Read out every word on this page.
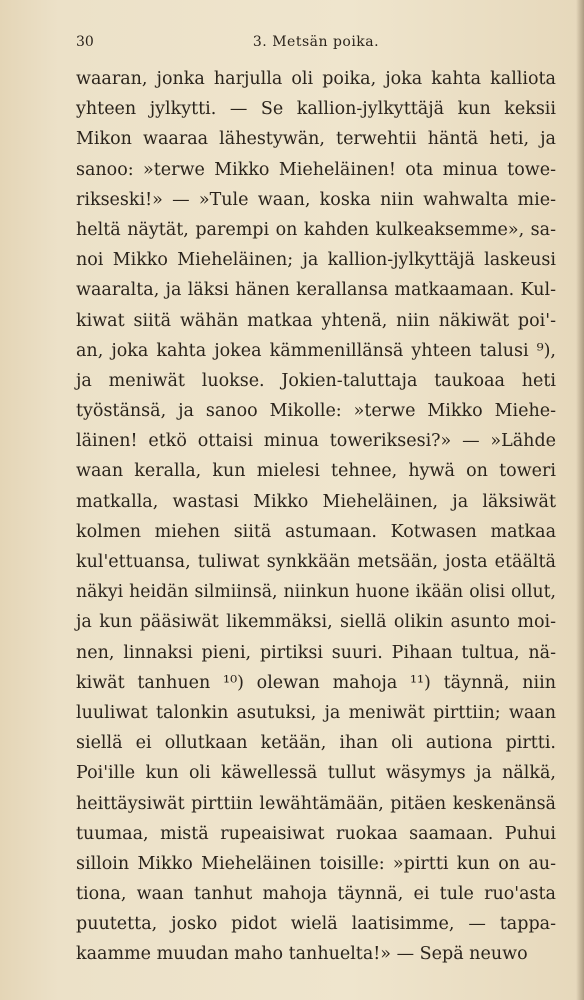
30	3. Metsän poika.
waaran, jonka harjulla oli poika, joka kahta kalliota
yhteen jylkytti. — Se kallion-jylkyttäjä kun keksii
Mikon waaraa lähestywän, terwehtii häntä heti, ja
sanoo: »terwe Mikko Mieheläinen! ota minua towe-
rikseski!» — »Tule waan, koska niin wahwalta mie-
heltä näytät, parempi on kahden kulkeaksemme», sa-
noi Mikko Mieheläinen; ja kallion-jylkyttäjä laskeusi
waaralta, ja läksi hänen kerallansa matkaamaan. Kul-
kiwat siitä wähän matkaa yhtenä, niin näkiwät poi'-
an, joka kahta jokea kämmenillänsä yhteen talusi ⁹),
ja meniwät luokse. Jokien-taluttaja taukoaa heti
työstänsä, ja sanoo Mikolle: »terwe Mikko Miehe-
läinen! etkö ottaisi minua toweriksesi?» — »Lähde
waan keralla, kun mielesi tehnee, hywä on toweri
matkalla, wastasi Mikko Mieheläinen, ja läksiwät
kolmen miehen siitä astumaan. Kotwasen matkaa
kul'ettuansa, tuliwat synkkään metsään, josta etäältä
näkyi heidän silmiinsä, niinkun huone ikään olisi ollut,
ja kun pääsiwät likemmäksi, siellä olikin asunto moi-
nen, linnaksi pieni, pirtiksi suuri. Pihaan tultua, nä-
kiwät tanhuen ¹⁰) olewan mahoja ¹¹) täynnä, niin
luuliwat talonkin asutuksi, ja meniwät pirttiin; waan
siellä ei ollutkaan ketään, ihan oli autiona pirtti.
Poi'ille kun oli käwellessä tullut wäsymys ja nälkä,
heittäysiwät pirttiin lewähtämään, pitäen keskenänsä
tuumaa, mistä rupeaisiwat ruokaa saamaan. Puhui
silloin Mikko Mieheläinen toisille: »pirtti kun on au-
tiona, waan tanhut mahoja täynnä, ei tule ruo'asta
puutetta, josko pidot wielä laatisimme, — tappa-
kaamme muudan maho tanhuelta!» — Sepä neuwo
